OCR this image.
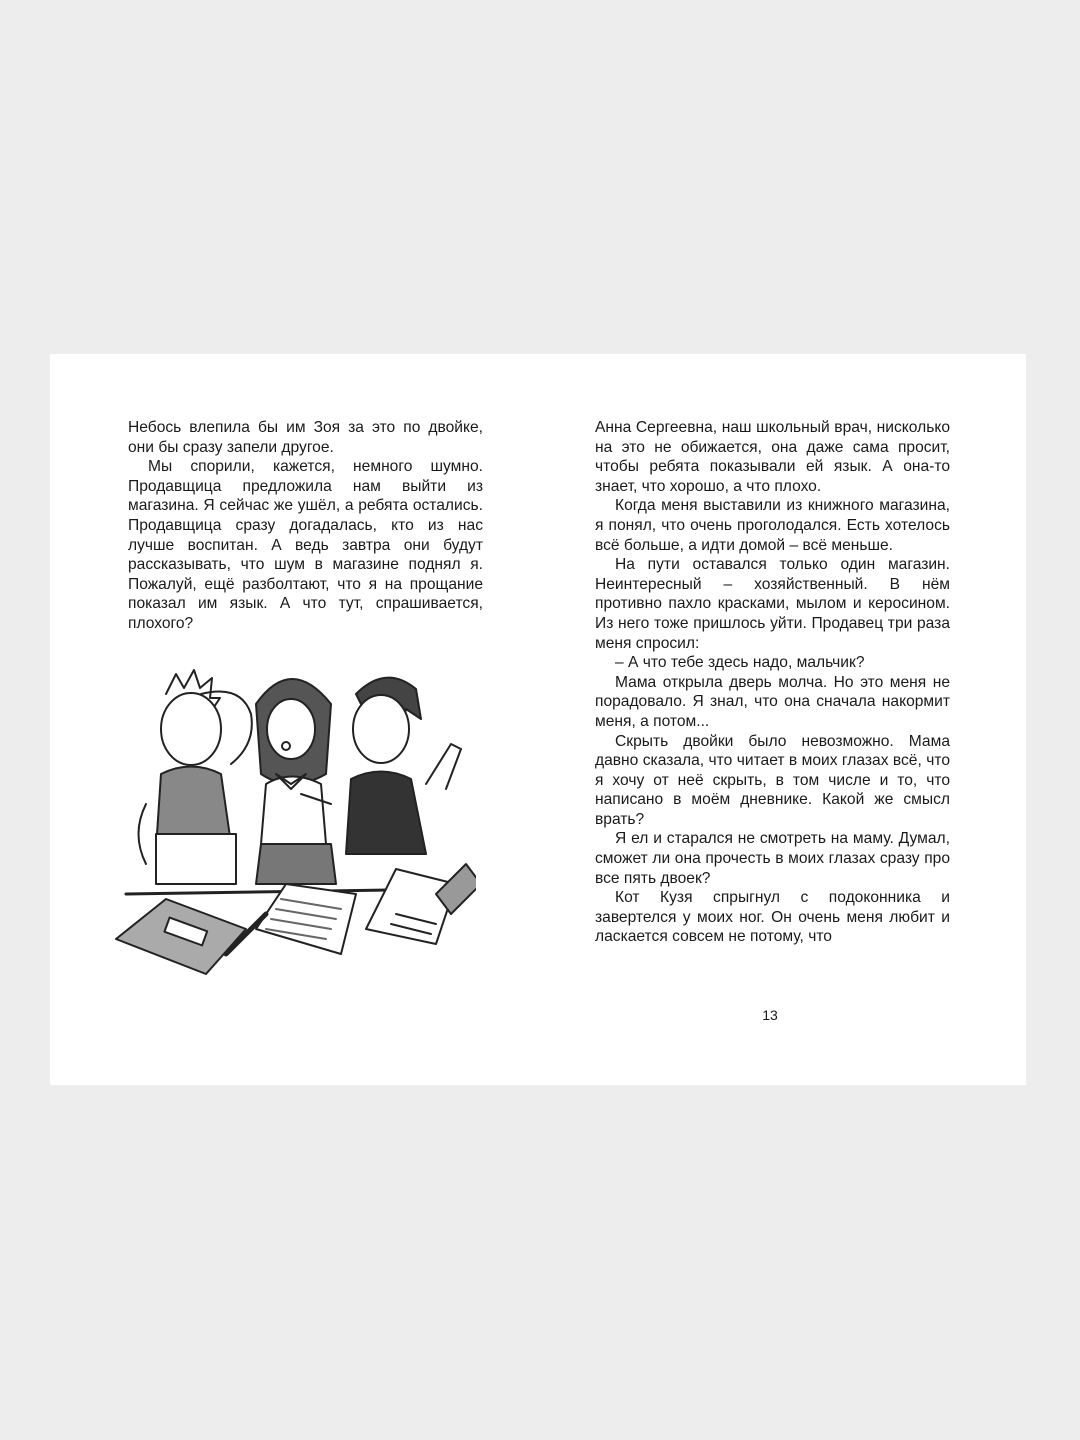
Небось влепила бы им Зоя за это по двойке, они бы сразу запели другое.

Мы спорили, кажется, немного шумно. Продавщица предложила нам выйти из магазина. Я сейчас же ушёл, а ребята остались. Продавщица сразу догадалась, кто из нас лучше воспитан. А ведь завтра они будут рассказывать, что шум в магазине поднял я. Пожалуй, ещё разболтают, что я на прощание показал им язык. А что тут, спрашивается, плохого?

Анна Сергеевна, наш школьный врач, нисколько на это не обижается, она даже сама просит, чтобы ребята показывали ей язык. А она-то знает, что хорошо, а что плохо.

Когда меня выставили из книжного магазина, я понял, что очень проголодался. Есть хотелось всё больше, а идти домой – всё меньше.

На пути оставался только один магазин. Неинтересный – хозяйственный. В нём противно пахло красками, мылом и керосином. Из него тоже пришлось уйти. Продавец три раза меня спросил:

– А что тебе здесь надо, мальчик?

Мама открыла дверь молча. Но это меня не порадовало. Я знал, что она сначала накормит меня, а потом...

Скрыть двойки было невозможно. Мама давно сказала, что читает в моих глазах всё, что я хочу от неё скрыть, в том числе и то, что написано в моём дневнике. Какой же смысл врать?

Я ел и старался не смотреть на маму. Думал, сможет ли она прочесть в моих глазах сразу про все пять двоек?

Кот Кузя спрыгнул с подоконника и завертелся у моих ног. Он очень меня любит и ласкается совсем не потому, что

13
